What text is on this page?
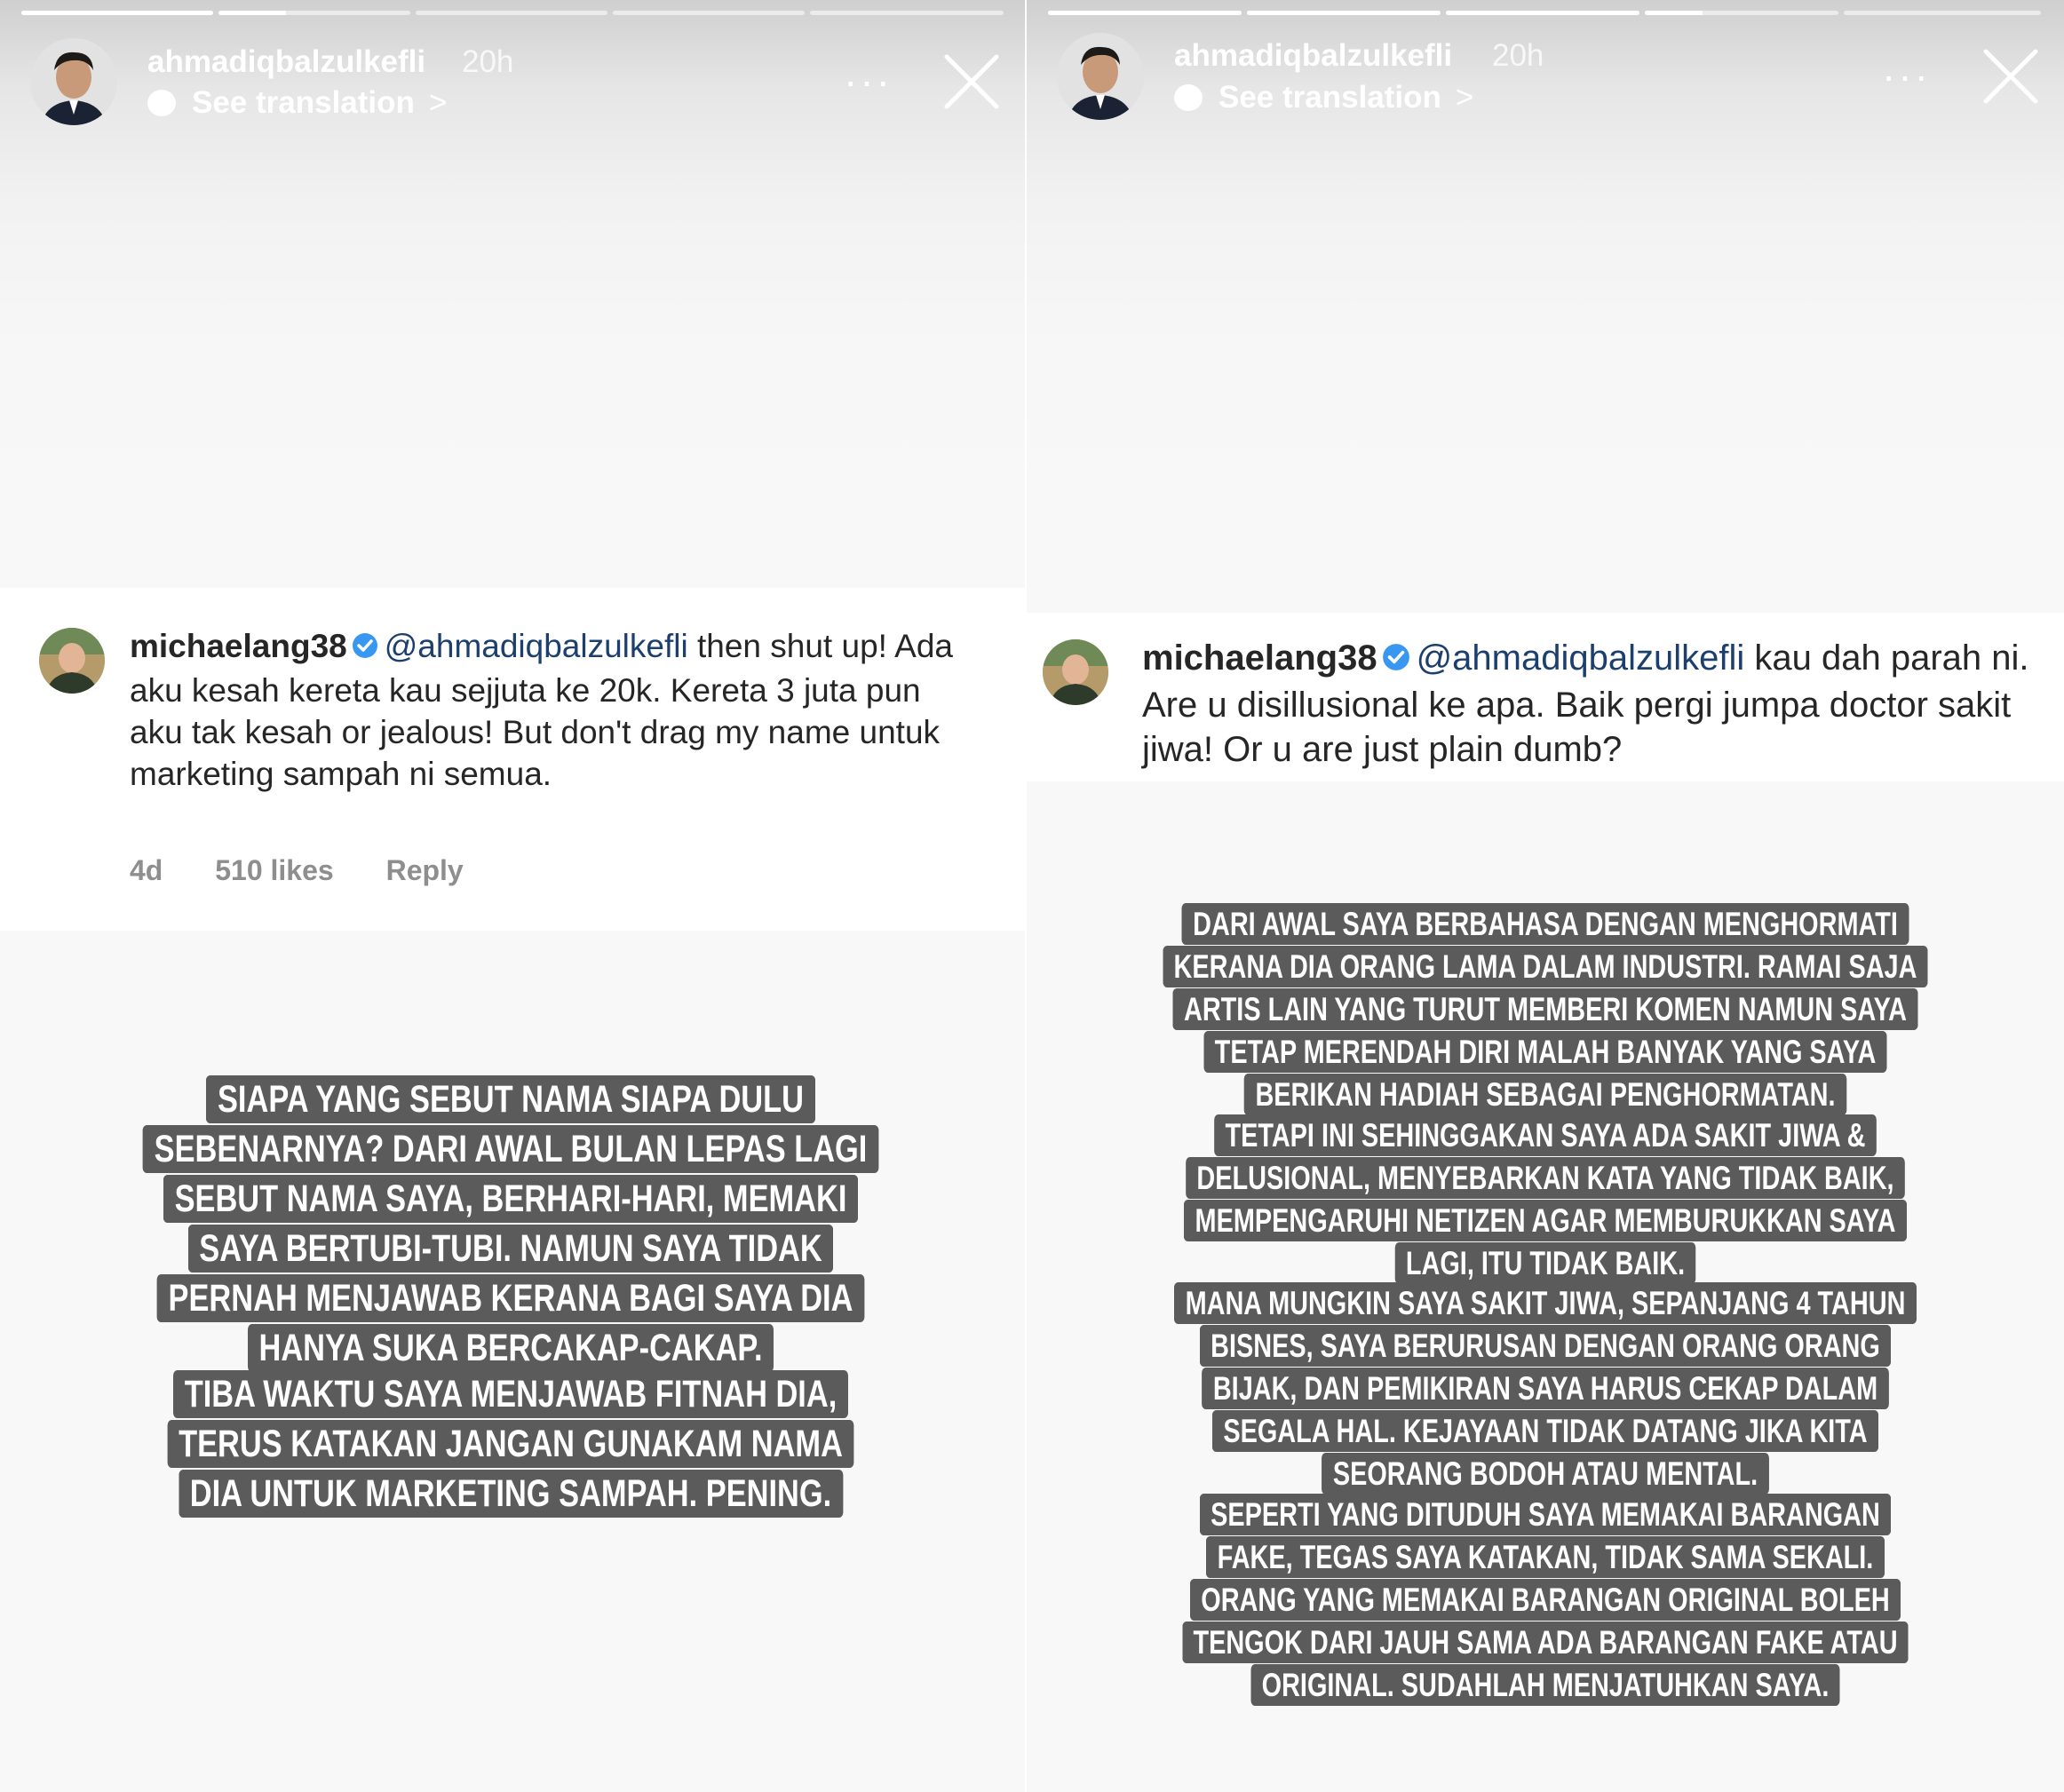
ahmadiqbalzulkefli 20h
See translation >	···
michaelang38 @ahmadiqbalzulkefli then shut up! Ada aku kesah kereta kau sejjuta ke 20k. Kereta 3 juta pun aku tak kesah or jealous! But don't drag my name untuk marketing sampah ni semua.
4d 510 likes Reply
SIAPA YANG SEBUT NAMA SIAPA DULU SEBENARNYA? DARI AWAL BULAN LEPAS LAGI SEBUT NAMA SAYA, BERHARI-HARI, MEMAKI SAYA BERTUBI-TUBI. NAMUN SAYA TIDAK PERNAH MENJAWAB KERANA BAGI SAYA DIA HANYA SUKA BERCAKAP-CAKAP.
TIBA WAKTU SAYA MENJAWAB FITNAH DIA, TERUS KATAKAN JANGAN GUNAKAM NAMA DIA UNTUK MARKETING SAMPAH. PENING.
ahmadiqbalzulkefli 20h
See translation >	···
michaelang38 @ahmadiqbalzulkefli kau dah parah ni. Are u disillusional ke apa. Baik pergi jumpa doctor sakit jiwa! Or u are just plain dumb?
DARI AWAL SAYA BERBAHASA DENGAN MENGHORMATI KERANA DIA ORANG LAMA DALAM INDUSTRI. RAMAI SAJA ARTIS LAIN YANG TURUT MEMBERI KOMEN NAMUN SAYA TETAP MERENDAH DIRI MALAH BANYAK YANG SAYA BERIKAN HADIAH SEBAGAI PENGHORMATAN.
TETAPI INI SEHINGGAKAN SAYA ADA SAKIT JIWA & DELUSIONAL, MENYEBARKAN KATA YANG TIDAK BAIK, MEMPENGARUHI NETIZEN AGAR MEMBURUKKAN SAYA LAGI, ITU TIDAK BAIK.
MANA MUNGKIN SAYA SAKIT JIWA, SEPANJANG 4 TAHUN BISNES, SAYA BERURUSAN DENGAN ORANG ORANG BIJAK, DAN PEMIKIRAN SAYA HARUS CEKAP DALAM SEGALA HAL. KEJAYAAN TIDAK DATANG JIKA KITA SEORANG BODOH ATAU MENTAL.
SEPERTI YANG DITUDUH SAYA MEMAKAI BARANGAN FAKE, TEGAS SAYA KATAKAN, TIDAK SAMA SEKALI. ORANG YANG MEMAKAI BARANGAN ORIGINAL BOLEH TENGOK DARI JAUH SAMA ADA BARANGAN FAKE ATAU ORIGINAL. SUDAHLAH MENJATUHKAN SAYA.
